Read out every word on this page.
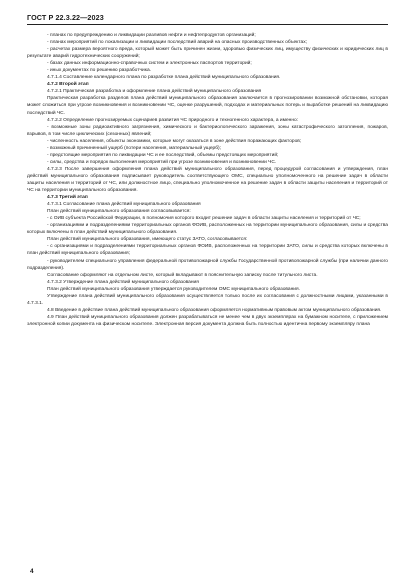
ГОСТ Р 22.3.22—2023

- планах по предупреждению и ликвидации разливов нефти и нефтепродуктов организаций;

- планах мероприятий по локализации и ликвидации последствий аварий на опасных производственных объектах;

- расчетах размера вероятного вреда, который может быть причинен жизни, здоровью физических лиц, имуществу физических и юридических лиц в результате аварий гидротехнических сооружений;

- базах данных информационно-справочных систем и электронных паспортов территорий;

- иных документах по решению разработчика.

4.7.1.4 Составление календарного плана по разработке плана действий муниципального образования.

4.7.2 Второй этап

4.7.2.1 Практическая разработка и оформление плана действий муниципального образования

Практическая разработка разделов плана действий муниципального образования заключается в прогнозировании возможной обстановки, которая может сложиться при угрозе возникновения и возникновении ЧС, оценке разрушений, подходах и материальных потерь и выработке решений на ликвидацию последствий ЧС.

4.7.2.2 Определение прогнозируемых сценариев развития ЧС природного и техногенного характера, а именно:

- возможные зоны радиоактивного загрязнения, химического и бактериологического заражения, зоны катастрофического затопления, пожаров, взрывов, в том числе циклических (сезонных) явлений;

- численность населения, объекты экономики, которые могут оказаться в зоне действия поражающих факторов;

- возможный причиненный ущерб (потери населения, материальный ущерб);

- предстоящие мероприятия по ликвидации ЧС и ее последствий, объемы предстоящих мероприятий;

- силы, средства и порядок выполнения мероприятий при угрозе возникновения и возникновении ЧС.

4.7.2.3 После завершения оформления плана действий муниципального образования, перед процедурой согласования и утверждения, план действий муниципального образования подписывает руководитель соответствующего ОМС, специально уполномоченного на решение задач в области защиты населения и территорий от ЧС, или должностное лицо, специально уполномоченное на решение задач в области защиты населения и территорий от ЧС на территории муниципального образования.

4.7.3 Третий этап

4.7.3.1 Согласование плана действий муниципального образования

План действий муниципального образования согласовывается:

- с ОИВ субъекта Российской Федерации, в полномочия которого входит решение задач в области защиты населения и территорий от ЧС;

- организациями и подразделениями территориальных органов ФОИВ, расположенных на территории муниципального образования, силы и средства которых включены в план действий муниципального образования.

План действий муниципального образования, имеющего статус ЗАТО, согласовывается:

- с организациями и подразделениями территориальных органов ФОИВ, расположенных на территории ЗАТО, силы и средства которых включены в план действий муниципального образования;

- руководителем специального управления федеральной противопожарной службы Государственной противопожарной службы (при наличии данного подразделения).

Согласование оформляют на отдельном листе, который вкладывают в пояснительную записку после титульного листа.

4.7.3.2 Утверждение плана действий муниципального образования

План действий муниципального образования утверждается руководителем ОМС муниципального образования.

Утверждение плана действий муниципального образования осуществляется только после их согласования с должностными лицами, указанными в 4.7.3.1.

4.8 Введение в действие плана действий муниципального образования оформляется нормативным правовым актом муниципального образования.

4.9 План действий муниципального образования должен разрабатываться не менее чем в двух экземплярах на бумажном носителе, с приложением электронной копии документа на физическом носителе. Электронная версия документа должна быть полностью идентична первому экземпляру плана

4
